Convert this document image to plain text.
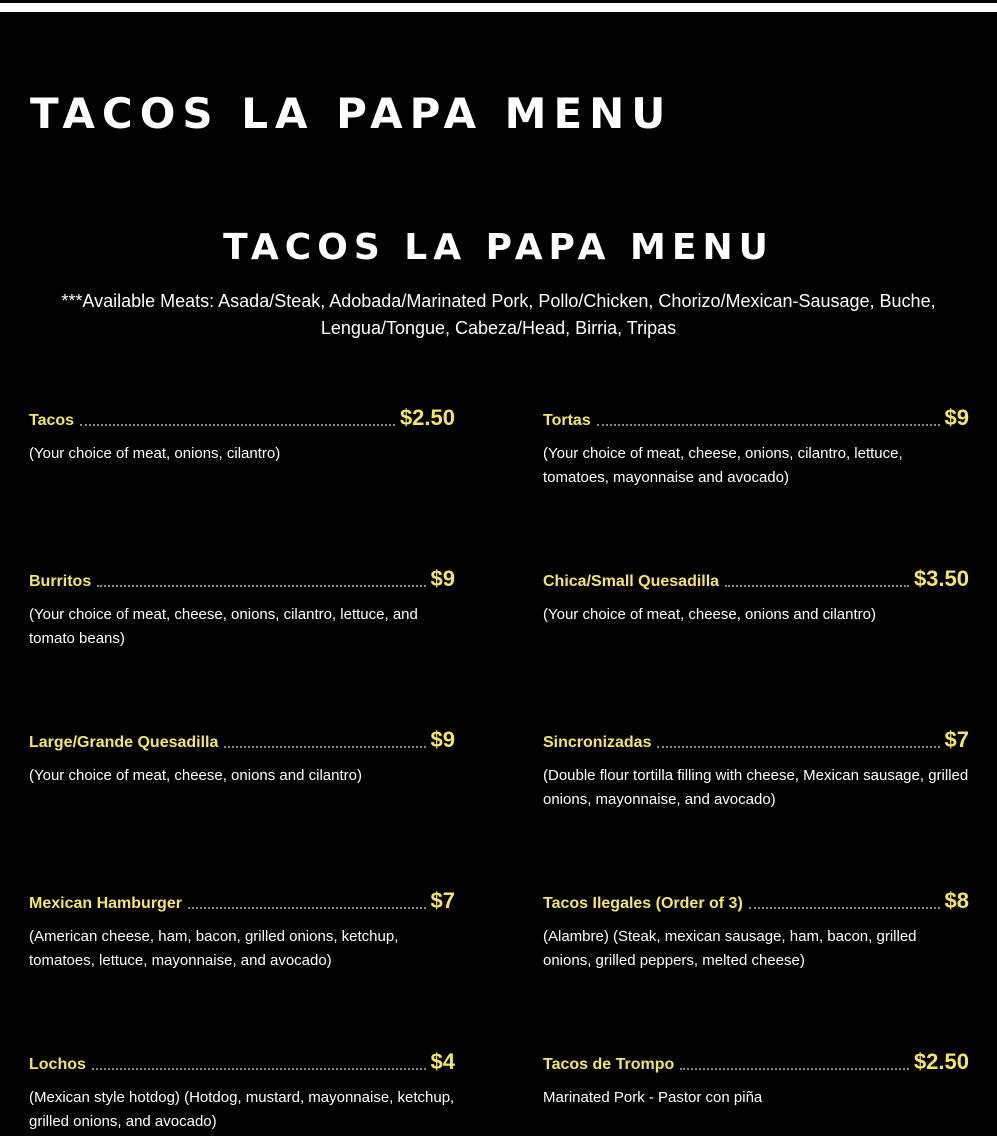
TACOS LA PAPA MENU
TACOS LA PAPA MENU

***Available Meats: Asada/Steak, Adobada/Marinated Pork, Pollo/Chicken, Chorizo/Mexican-Sausage, Buche, Lengua/Tongue, Cabeza/Head, Birria, Tripas

Tacos	$2.50

(Your choice of meat, onions, cilantro)

Tortas	$9

(Your choice of meat, cheese, onions, cilantro, lettuce, tomatoes, mayonnaise and avocado)

Burritos	$9

(Your choice of meat, cheese, onions, cilantro, lettuce, and tomato beans)

Chica/Small Quesadilla	$3.50

(Your choice of meat, cheese, onions and cilantro)

Large/Grande Quesadilla	$9

(Your choice of meat, cheese, onions and cilantro)

Sincronizadas	$7

(Double flour tortilla filling with cheese, Mexican sausage, grilled onions, mayonnaise, and avocado)

Mexican Hamburger	$7

(American cheese, ham, bacon, grilled onions, ketchup, tomatoes, lettuce, mayonnaise, and avocado)

Tacos Ilegales (Order of 3)	$8

(Alambre) (Steak, mexican sausage, ham, bacon, grilled onions, grilled peppers, melted cheese)

Lochos	$4

(Mexican style hotdog) (Hotdog, mustard, mayonnaise, ketchup, grilled onions, and avocado)

Tacos de Trompo	$2.50

Marinated Pork - Pastor con piña
